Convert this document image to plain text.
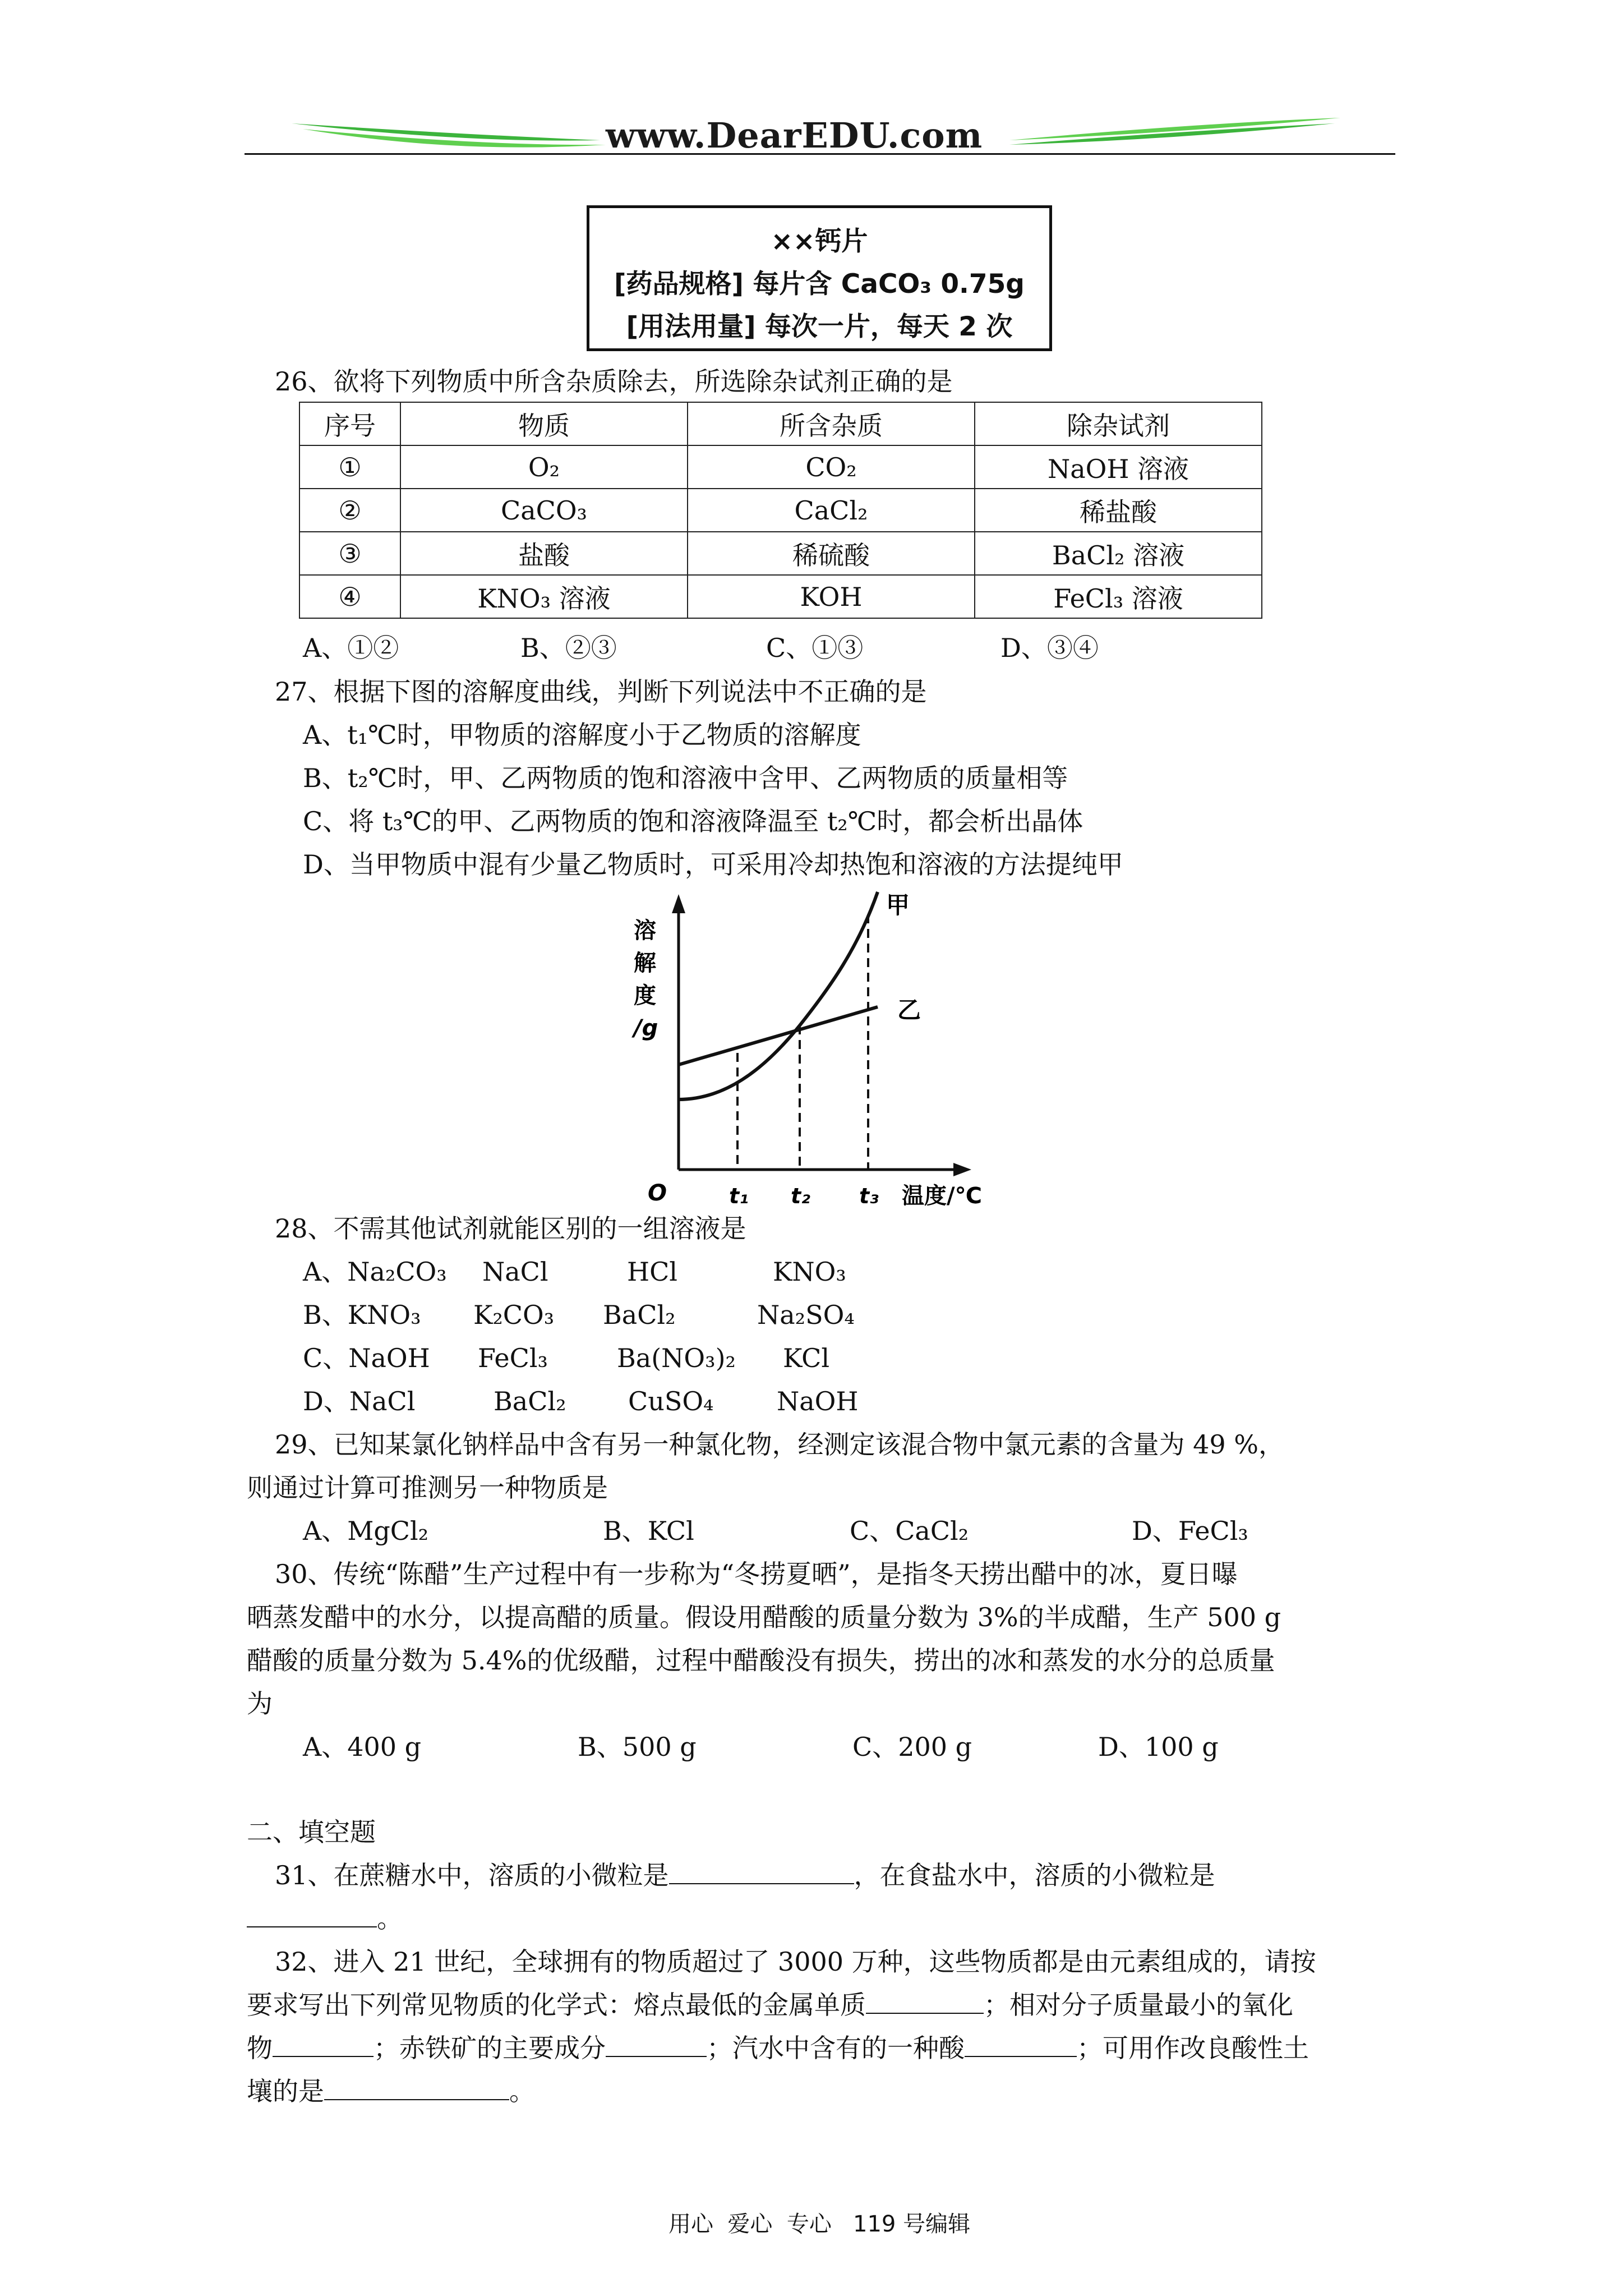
www.DearEDU.com
××钙片
[药品规格] 每片含 CaCO₃ 0.75g
[用法用量] 每次一片，每天 2 次
26、欲将下列物质中所含杂质除去，所选除杂试剂正确的是
序号	物质	所含杂质	除杂试剂
①	O₂	CO₂	NaOH 溶液
②	CaCO₃	CaCl₂	稀盐酸
③	盐酸	稀硫酸	BaCl₂ 溶液
④	KNO₃ 溶液	KOH	FeCl₃ 溶液
A、①②	B、②③	C、①③	D、③④
27、根据下图的溶解度曲线，判断下列说法中不正确的是
A、t₁℃时，甲物质的溶解度小于乙物质的溶解度
B、t₂℃时，甲、乙两物质的饱和溶液中含甲、乙两物质的质量相等
C、将 t₃℃的甲、乙两物质的饱和溶液降温至 t₂℃时，都会析出晶体
D、当甲物质中混有少量乙物质时，可采用冷却热饱和溶液的方法提纯甲
溶
解
度
/g
O	t₁ t₂ t₃ 温度/℃
甲
乙
28、不需其他试剂就能区别的一组溶液是
A、Na₂CO₃ NaCl	HCl	KNO₃
B、KNO₃ K₂CO₃ BaCl₂	Na₂SO₄
C、NaOH FeCl₃	Ba(NO₃)₂ KCl
D、NaCl	BaCl₂ CuSO₄ NaOH
29、已知某氯化钠样品中含有另一种氯化物，经测定该混合物中氯元素的含量为 49 %，
则通过计算可推测另一种物质是
A、MgCl₂	B、KCl	C、CaCl₂	D、FeCl₃
30、传统“陈醋”生产过程中有一步称为“冬捞夏晒”，是指冬天捞出醋中的冰，夏日曝
晒蒸发醋中的水分，以提高醋的质量。假设用醋酸的质量分数为 3%的半成醋，生产 500 g
醋酸的质量分数为 5.4%的优级醋，过程中醋酸没有损失，捞出的冰和蒸发的水分的总质量
为
A、400 g	B、500 g	C、200 g	D、100 g
二、填空题
31、在蔗糖水中，溶质的小微粒是	，在食盐水中，溶质的小微粒是
。
32、进入 21 世纪，全球拥有的物质超过了 3000 万种，这些物质都是由元素组成的，请按
要求写出下列常见物质的化学式：熔点最低的金属单质	；相对分子质量最小的氧化
物	；赤铁矿的主要成分	；汽水中含有的一种酸	；可用作改良酸性土
壤的是	。
用心  爱心  专心   119 号编辑
